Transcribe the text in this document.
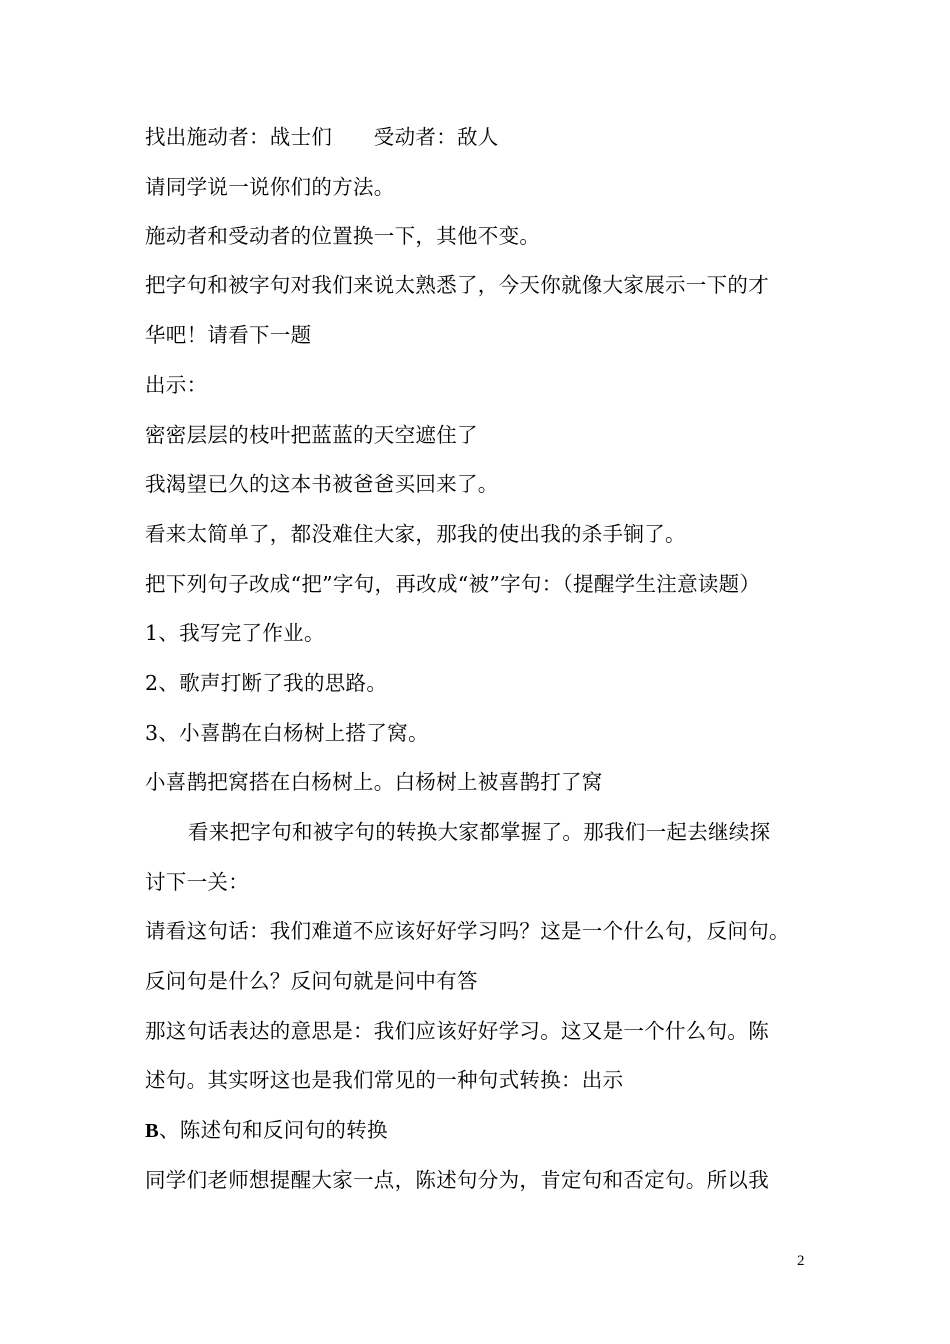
找出施动者：战士们　　受动者：敌人
请同学说一说你们的方法。
施动者和受动者的位置换一下，其他不变。
把字句和被字句对我们来说太熟悉了，今天你就像大家展示一下的才
华吧！请看下一题
出示：
密密层层的枝叶把蓝蓝的天空遮住了
我渴望已久的这本书被爸爸买回来了。
看来太简单了，都没难住大家，那我的使出我的杀手锏了。
把下列句子改成“把”字句，再改成“被”字句：（提醒学生注意读题）
1、我写完了作业。
2、歌声打断了我的思路。
3、小喜鹊在白杨树上搭了窝。
小喜鹊把窝搭在白杨树上。白杨树上被喜鹊打了窝
看来把字句和被字句的转换大家都掌握了。那我们一起去继续探
讨下一关：
请看这句话：我们难道不应该好好学习吗？这是一个什么句，反问句。
反问句是什么？反问句就是问中有答
那这句话表达的意思是：我们应该好好学习。这又是一个什么句。陈
述句。其实呀这也是我们常见的一种句式转换：出示
B、陈述句和反问句的转换
同学们老师想提醒大家一点，陈述句分为，肯定句和否定句。所以我
2
